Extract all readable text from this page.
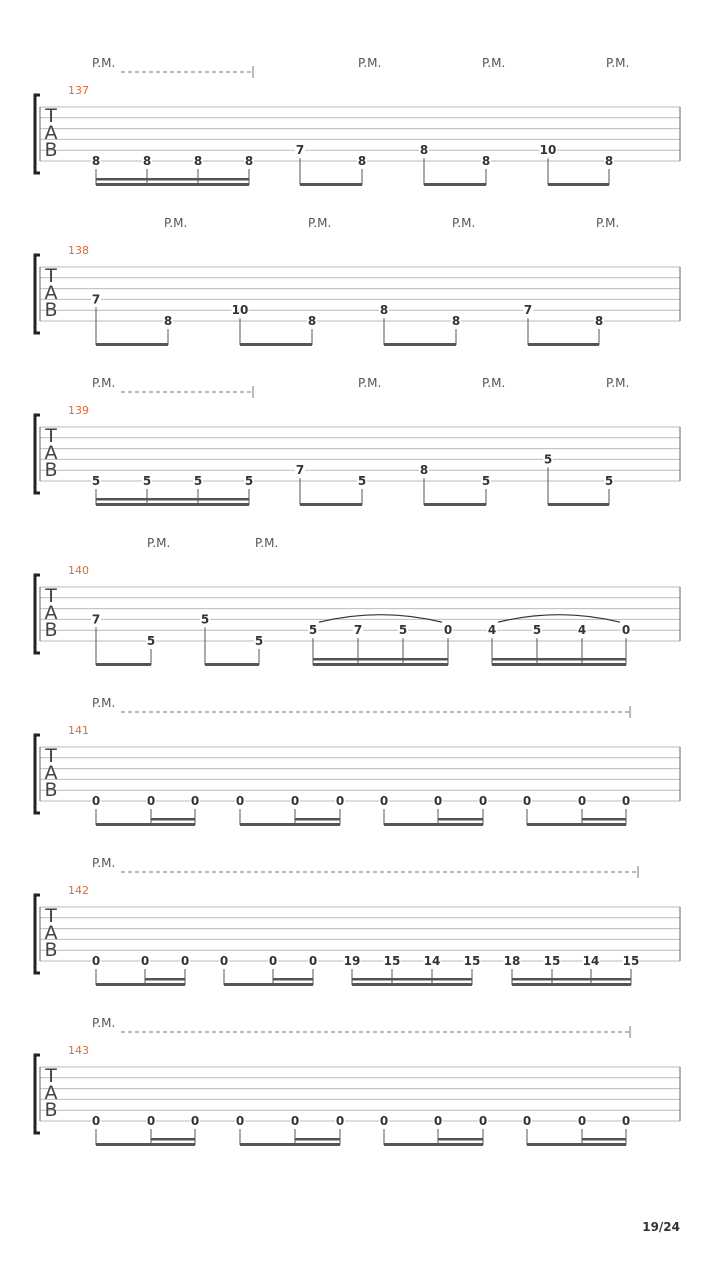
T
A
B
137
P.M.	P.M.	P.M.	P.M.
8	8	8	8
7
8
8
8
10
8
T
A
B
138
P.M.	P.M.	P.M.	P.M.
7
8
10
8
8
8
7
8
T
A
B
139
P.M.	P.M.	P.M.	P.M.
5	5	5	5
7
5
8
5
5
5
T
A
B
140
P.M.	P.M.
7
5
5
5
5	7	5	0	4	5	4	0
T
A
B
141
P.M.
0	0	0	0	0	0	0	0	0	0	0	0
T
A
B
142
P.M.
0	0	0	0	0	0 19 15 14 15 18 15 14 15
T
A
B
143
P.M.
0	0	0	0	0	0	0	0	0	0	0	0
19/24
